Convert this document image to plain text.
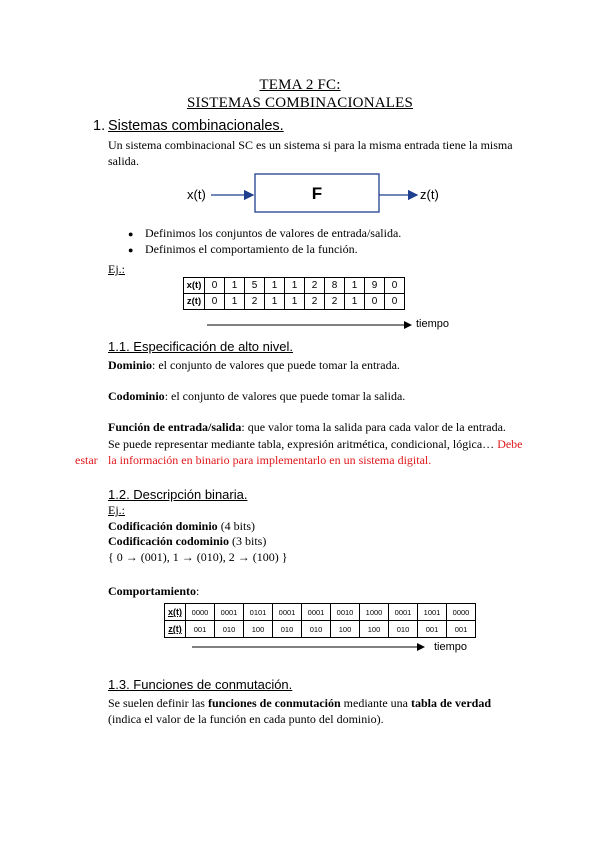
TEMA 2 FC:
SISTEMAS COMBINACIONALES
1. Sistemas combinacionales.
Un sistema combinacional SC es un sistema si para la misma entrada tiene la misma
salida.
x(t)	F	z(t)
● Definimos los conjuntos de valores de entrada/salida.
● Definimos el comportamiento de la función.
Ej.:
x(t)	0	1	5	1	1	2	8	1	9	0
z(t)	0	1	2	1	1	2	2	1	0	0
tiempo
1.1. Especificación de alto nivel.
Dominio: el conjunto de valores que puede tomar la entrada.
Codominio: el conjunto de valores que puede tomar la salida.
Función de entrada/salida: que valor toma la salida para cada valor de la entrada.
Se puede representar mediante tabla, expresión aritmética, condicional, lógica… Debe
estar la información en binario para implementarlo en un sistema digital.
1.2. Descripción binaria.
Ej.:
Codificación dominio (4 bits)
Codificación codominio (3 bits)
{ 0 → (001), 1 → (010), 2 → (100) }
Comportamiento:
x(t)	0000	0001	0101	0001	0001	0010	1000	0001	1001	0000
z(t)	001	010	100	010	010	100	100	010	001	001
tiempo
1.3. Funciones de conmutación.
Se suelen definir las funciones de conmutación mediante una tabla de verdad
(indica el valor de la función en cada punto del dominio).
